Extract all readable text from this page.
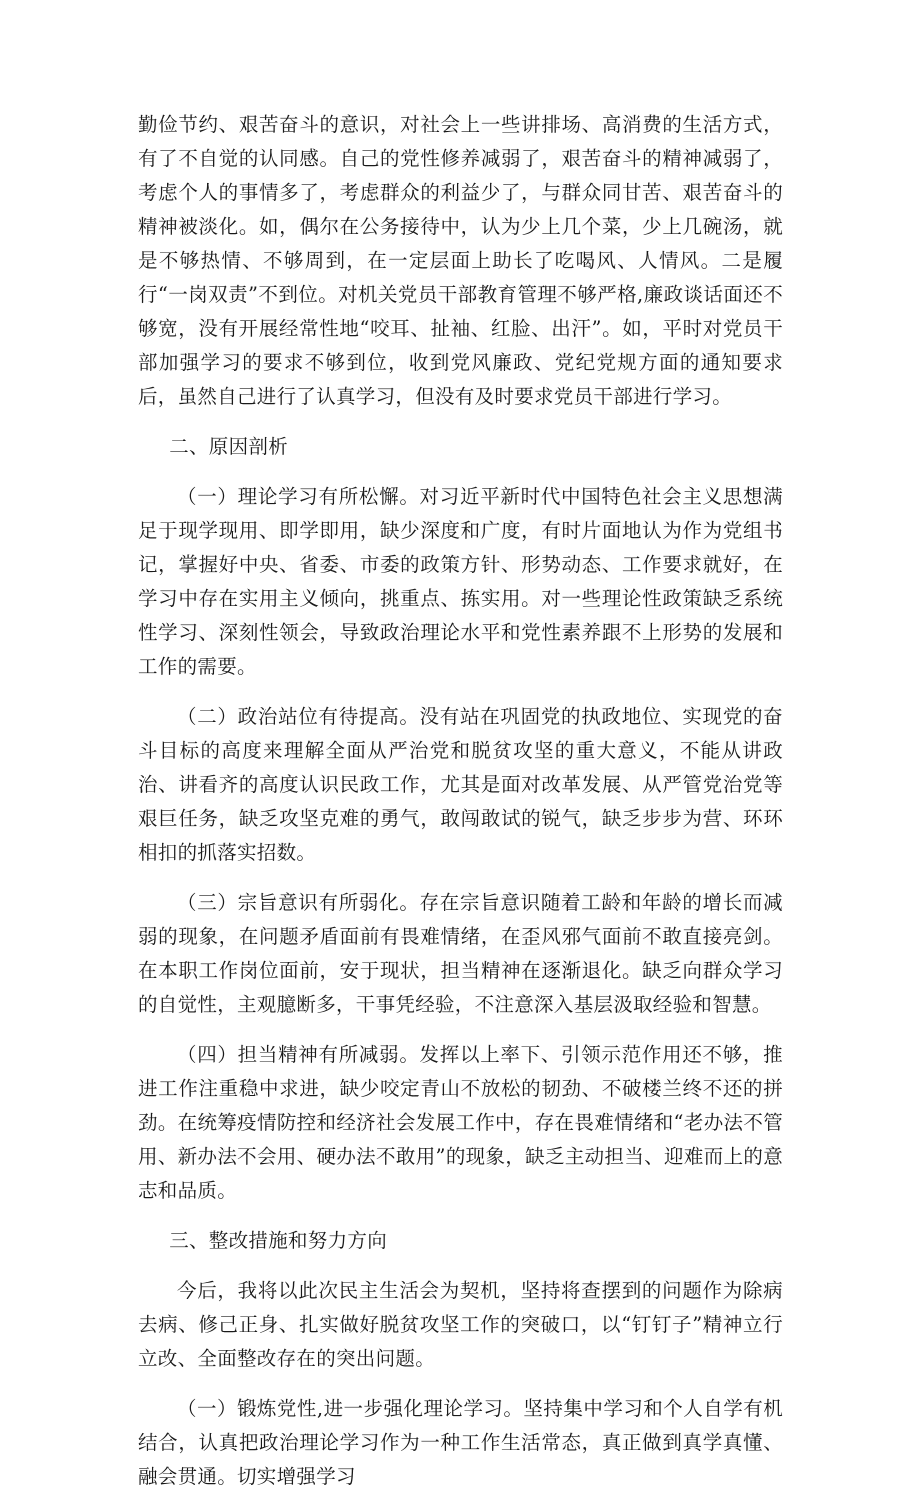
勤俭节约、艰苦奋斗的意识，对社会上一些讲排场、高消费的生活方式，有了不自觉的认同感。自己的党性修养减弱了，艰苦奋斗的精神减弱了，考虑个人的事情多了，考虑群众的利益少了，与群众同甘苦、艰苦奋斗的精神被淡化。如，偶尔在公务接待中，认为少上几个菜，少上几碗汤，就是不够热情、不够周到，在一定层面上助长了吃喝风、人情风。二是履行“一岗双责”不到位。对机关党员干部教育管理不够严格,廉政谈话面还不够宽，没有开展经常性地“咬耳、扯袖、红脸、出汗”。如，平时对党员干部加强学习的要求不够到位，收到党风廉政、党纪党规方面的通知要求后，虽然自己进行了认真学习，但没有及时要求党员干部进行学习。

二、原因剖析

（一）理论学习有所松懈。对习近平新时代中国特色社会主义思想满足于现学现用、即学即用，缺少深度和广度，有时片面地认为作为党组书记，掌握好中央、省委、市委的政策方针、形势动态、工作要求就好，在学习中存在实用主义倾向，挑重点、拣实用。对一些理论性政策缺乏系统性学习、深刻性领会，导致政治理论水平和党性素养跟不上形势的发展和工作的需要。

（二）政治站位有待提高。没有站在巩固党的执政地位、实现党的奋斗目标的高度来理解全面从严治党和脱贫攻坚的重大意义，不能从讲政治、讲看齐的高度认识民政工作，尤其是面对改革发展、从严管党治党等艰巨任务，缺乏攻坚克难的勇气，敢闯敢试的锐气，缺乏步步为营、环环相扣的抓落实招数。

（三）宗旨意识有所弱化。存在宗旨意识随着工龄和年龄的增长而减弱的现象，在问题矛盾面前有畏难情绪，在歪风邪气面前不敢直接亮剑。在本职工作岗位面前，安于现状，担当精神在逐渐退化。缺乏向群众学习的自觉性，主观臆断多，干事凭经验，不注意深入基层汲取经验和智慧。

（四）担当精神有所减弱。发挥以上率下、引领示范作用还不够，推进工作注重稳中求进，缺少咬定青山不放松的韧劲、不破楼兰终不还的拼劲。在统筹疫情防控和经济社会发展工作中，存在畏难情绪和“老办法不管用、新办法不会用、硬办法不敢用”的现象，缺乏主动担当、迎难而上的意志和品质。

三、整改措施和努力方向

今后，我将以此次民主生活会为契机，坚持将查摆到的问题作为除病去病、修己正身、扎实做好脱贫攻坚工作的突破口，以“钉钉子”精神立行立改、全面整改存在的突出问题。

（一）锻炼党性,进一步强化理论学习。坚持集中学习和个人自学有机结合，认真把政治理论学习作为一种工作生活常态，真正做到真学真懂、融会贯通。切实增强学习
